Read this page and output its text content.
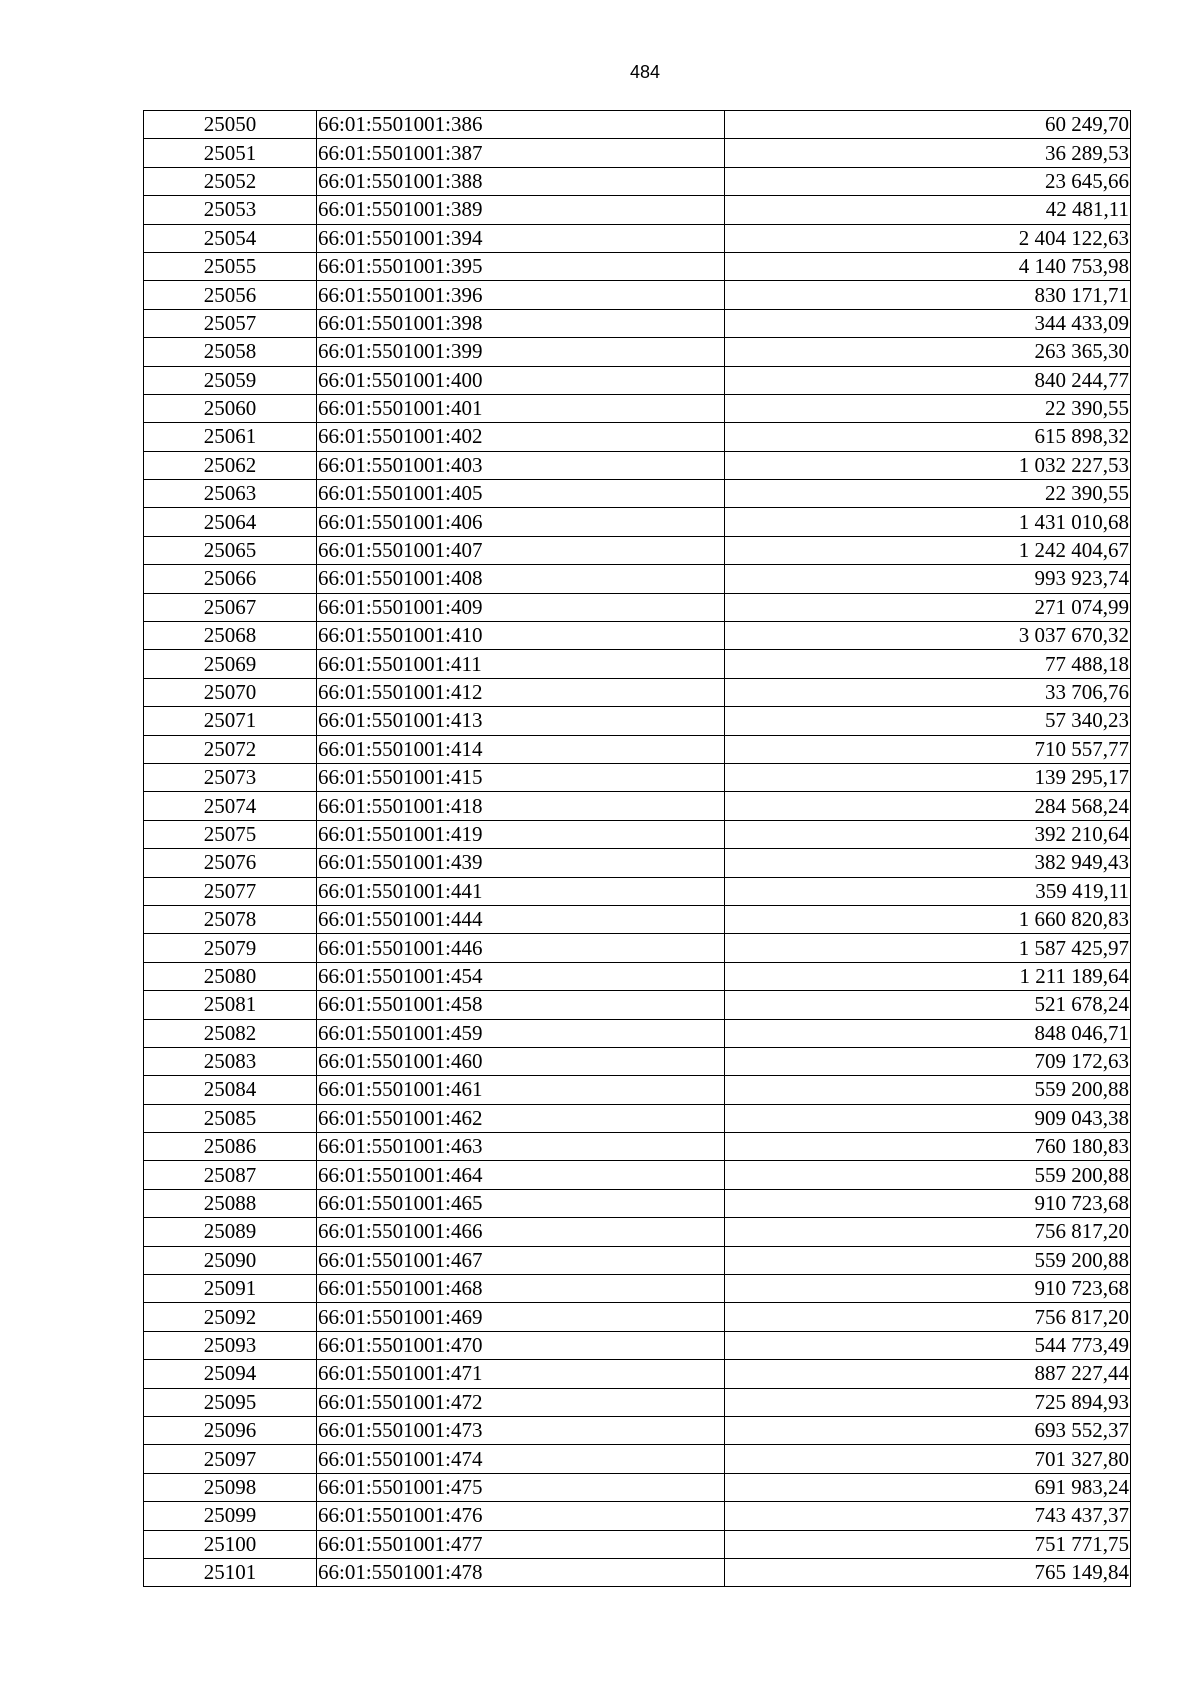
484
25050	66:01:5501001:386	60 249,70
25051	66:01:5501001:387	36 289,53
25052	66:01:5501001:388	23 645,66
25053	66:01:5501001:389	42 481,11
25054	66:01:5501001:394	2 404 122,63
25055	66:01:5501001:395	4 140 753,98
25056	66:01:5501001:396	830 171,71
25057	66:01:5501001:398	344 433,09
25058	66:01:5501001:399	263 365,30
25059	66:01:5501001:400	840 244,77
25060	66:01:5501001:401	22 390,55
25061	66:01:5501001:402	615 898,32
25062	66:01:5501001:403	1 032 227,53
25063	66:01:5501001:405	22 390,55
25064	66:01:5501001:406	1 431 010,68
25065	66:01:5501001:407	1 242 404,67
25066	66:01:5501001:408	993 923,74
25067	66:01:5501001:409	271 074,99
25068	66:01:5501001:410	3 037 670,32
25069	66:01:5501001:411	77 488,18
25070	66:01:5501001:412	33 706,76
25071	66:01:5501001:413	57 340,23
25072	66:01:5501001:414	710 557,77
25073	66:01:5501001:415	139 295,17
25074	66:01:5501001:418	284 568,24
25075	66:01:5501001:419	392 210,64
25076	66:01:5501001:439	382 949,43
25077	66:01:5501001:441	359 419,11
25078	66:01:5501001:444	1 660 820,83
25079	66:01:5501001:446	1 587 425,97
25080	66:01:5501001:454	1 211 189,64
25081	66:01:5501001:458	521 678,24
25082	66:01:5501001:459	848 046,71
25083	66:01:5501001:460	709 172,63
25084	66:01:5501001:461	559 200,88
25085	66:01:5501001:462	909 043,38
25086	66:01:5501001:463	760 180,83
25087	66:01:5501001:464	559 200,88
25088	66:01:5501001:465	910 723,68
25089	66:01:5501001:466	756 817,20
25090	66:01:5501001:467	559 200,88
25091	66:01:5501001:468	910 723,68
25092	66:01:5501001:469	756 817,20
25093	66:01:5501001:470	544 773,49
25094	66:01:5501001:471	887 227,44
25095	66:01:5501001:472	725 894,93
25096	66:01:5501001:473	693 552,37
25097	66:01:5501001:474	701 327,80
25098	66:01:5501001:475	691 983,24
25099	66:01:5501001:476	743 437,37
25100	66:01:5501001:477	751 771,75
25101	66:01:5501001:478	765 149,84
